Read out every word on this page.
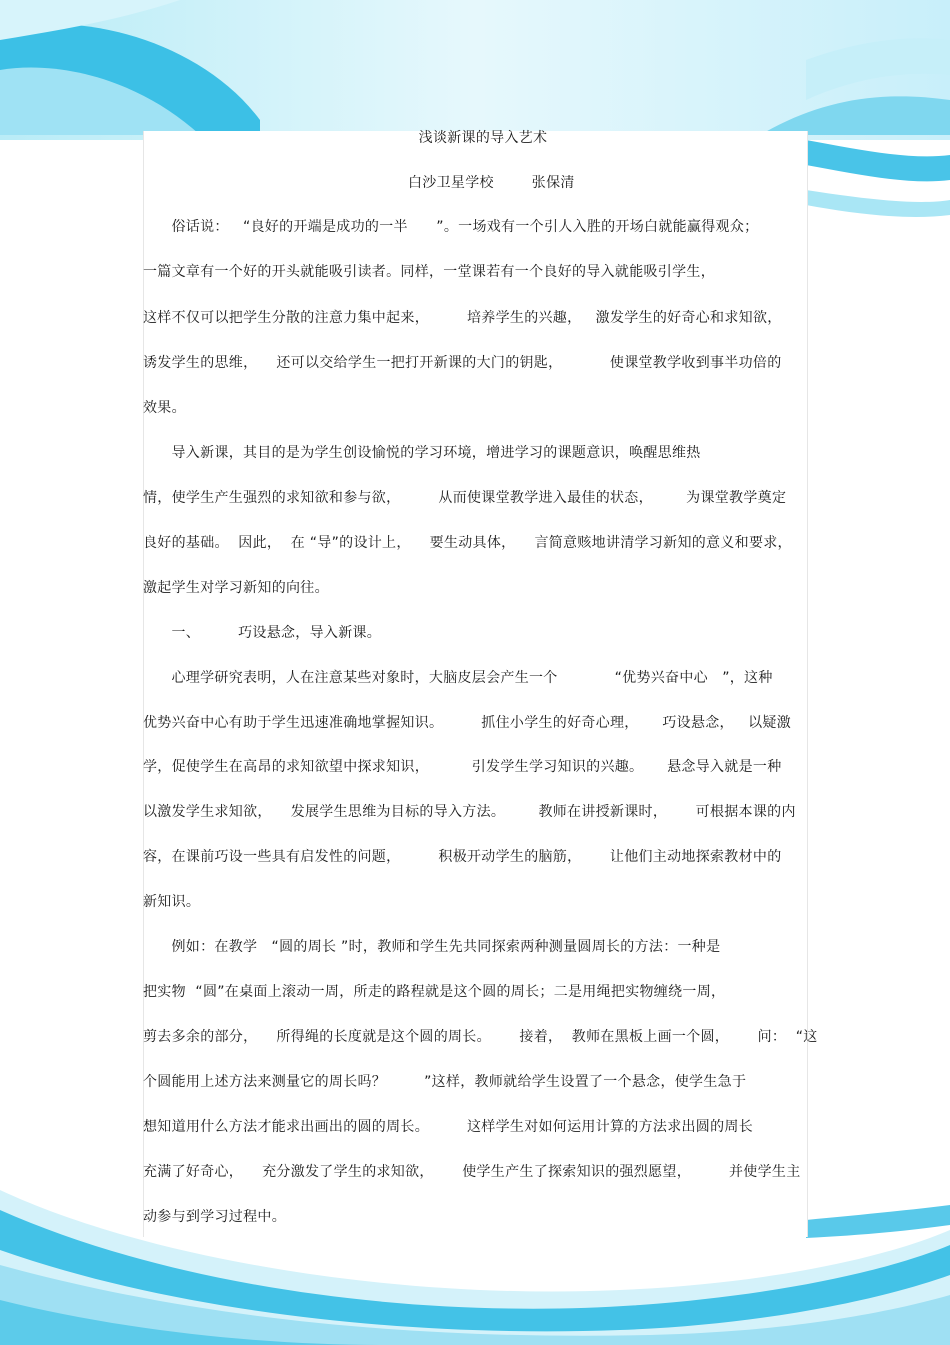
浅谈新课的导入艺术
白沙卫星学校        张保清
俗话说：   “良好的开端是成功的一半      ”。一场戏有一个引人入胜的开场白就能赢得观众；
一篇文章有一个好的开头就能吸引读者。同样，一堂课若有一个良好的导入就能吸引学生，
这样不仅可以把学生分散的注意力集中起来，        培养学生的兴趣，   激发学生的好奇心和求知欲，
诱发学生的思维，    还可以交给学生一把打开新课的大门的钥匙，          使课堂教学收到事半功倍的
效果。
导入新课，其目的是为学生创设愉悦的学习环境，增进学习的课题意识，唤醒思维热
情，使学生产生强烈的求知欲和参与欲，        从而使课堂教学进入最佳的状态，       为课堂教学奠定
良好的基础。  因此，  在 “导”的设计上，    要生动具体，    言简意赅地讲清学习新知的意义和要求，
激起学生对学习新知的向往。
一、        巧设悬念，导入新课。
心理学研究表明，人在注意某些对象时，大脑皮层会产生一个            “优势兴奋中心   ”，这种
优势兴奋中心有助于学生迅速准确地掌握知识。        抓住小学生的好奇心理，     巧设悬念，   以疑激
学，促使学生在高昂的求知欲望中探求知识，         引发学生学习知识的兴趣。     悬念导入就是一种
以激发学生求知欲，    发展学生思维为目标的导入方法。       教师在讲授新课时，      可根据本课的内
容，在课前巧设一些具有启发性的问题，        积极开动学生的脑筋，      让他们主动地探索教材中的
新知识。
例如：在教学   “圆的周长 ”时，教师和学生先共同探索两种测量圆周长的方法：一种是
把实物  “圆”在桌面上滚动一周，所走的路程就是这个圆的周长；二是用绳把实物缠绕一周，
剪去多余的部分，    所得绳的长度就是这个圆的周长。      接着，  教师在黑板上画一个圆，      问：  “这
个圆能用上述方法来测量它的周长吗？        ”这样，教师就给学生设置了一个悬念，使学生急于
想知道用什么方法才能求出画出的圆的周长。        这样学生对如何运用计算的方法求出圆的周长
充满了好奇心，    充分激发了学生的求知欲，      使学生产生了探索知识的强烈愿望，        并使学生主
动参与到学习过程中。
